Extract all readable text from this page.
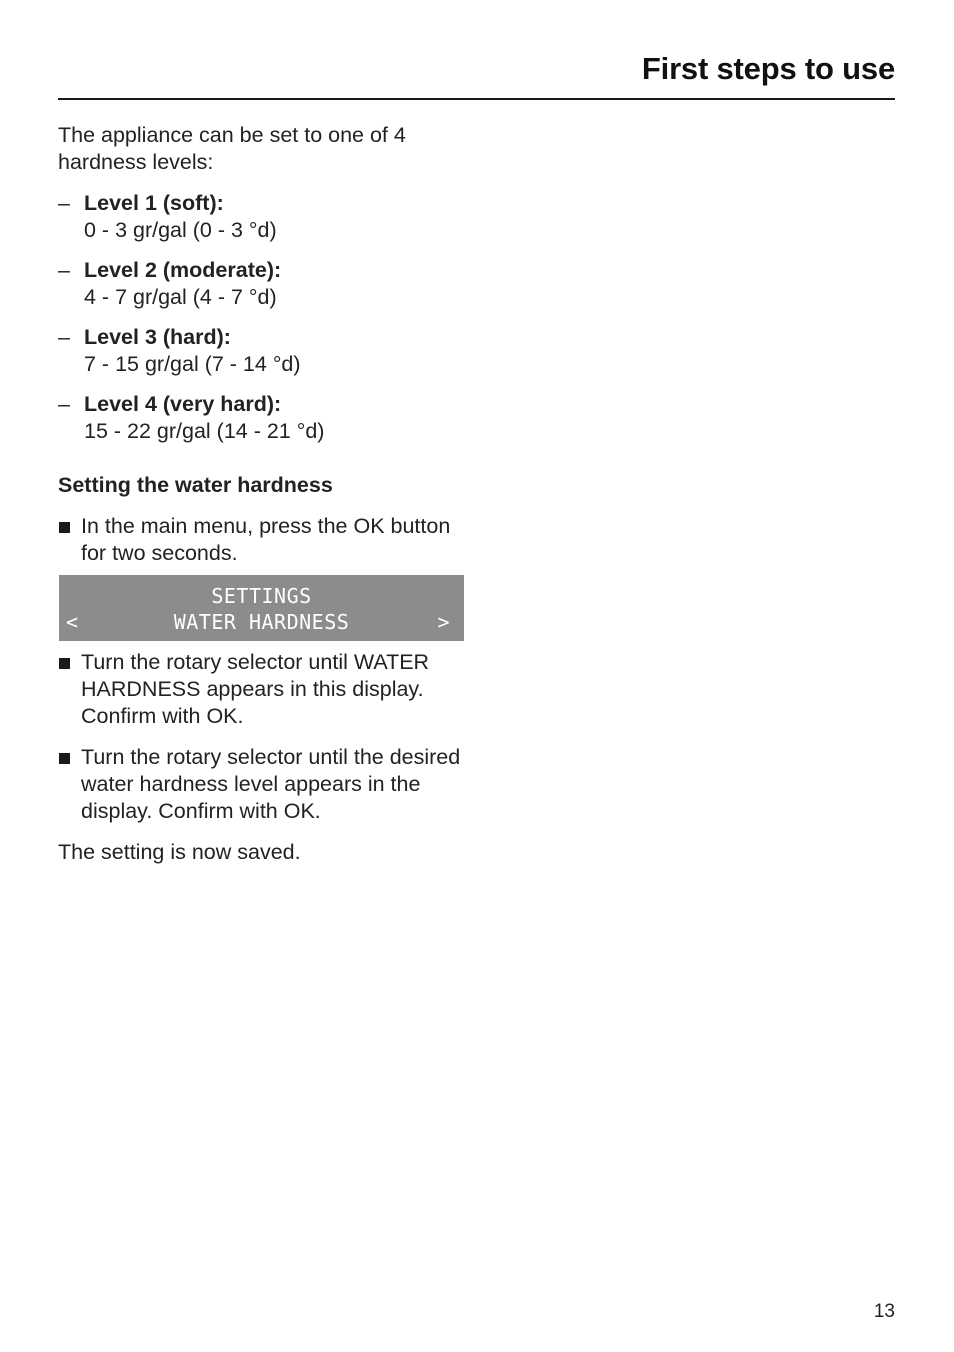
First steps to use

The appliance can be set to one of 4 hardness levels:

– Level 1 (soft):
0 - 3 gr/gal (0 - 3 °d)
– Level 2 (moderate):
4 - 7 gr/gal (4 - 7 °d)
– Level 3 (hard):
7 - 15 gr/gal (7 - 14 °d)
– Level 4 (very hard):
15 - 22 gr/gal (14 - 21 °d)

Setting the water hardness

In the main menu, press the OK button for two seconds.
SETTINGS
<	WATER HARDNESS	>
Turn the rotary selector until WATER HARDNESS appears in this display. Confirm with OK.
Turn the rotary selector until the desired water hardness level appears in the display. Confirm with OK.

The setting is now saved.

13
